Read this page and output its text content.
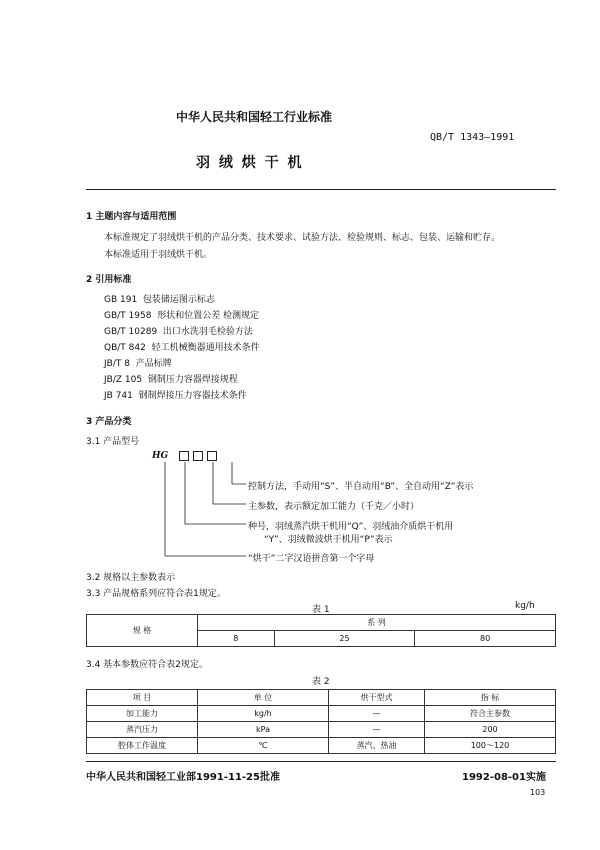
中华人民共和国轻工行业标准
QB/T 1343—1991
羽 绒 烘 干 机
1 主题内容与适用范围
本标准规定了羽绒烘干机的产品分类、技术要求、试验方法、检验规则、标志、包装、运输和贮存。
本标准适用于羽绒烘干机。
2 引用标准
GB 191 包装储运图示标志
GB/T 1958 形状和位置公差 检测规定
GB/T 10289 出口水洗羽毛检验方法
QB/T 842 轻工机械衡器通用技术条件
JB/T 8 产品标牌
JB/Z 105 钢制压力容器焊接规程
JB 741 钢制焊接压力容器技术条件
3 产品分类
3.1 产品型号
HG
控制方法，手动用“S”、半自动用“B”、全自动用“Z”表示
主参数，表示额定加工能力（千克／小时）
种号，羽绒蒸汽烘干机用“Q”、羽绒油介质烘干机用
“Y”、羽绒微波烘干机用“P”表示
“烘干”二字汉语拼音第一个字母
3.2 规格以主参数表示
3.3 产品规格系列应符合表1规定。
表 1	kg/h
规 格	系 列		
	8	25	80
3.4 基本参数应符合表2规定。
表 2
项 目	单 位	烘干型式	指 标
加工能力	kg/h	—	符合主参数
蒸汽压力	kPa	—	200
腔体工作温度	℃	蒸汽、热油	100～120
中华人民共和国轻工业部1991-11-25批准	1992-08-01实施
103
